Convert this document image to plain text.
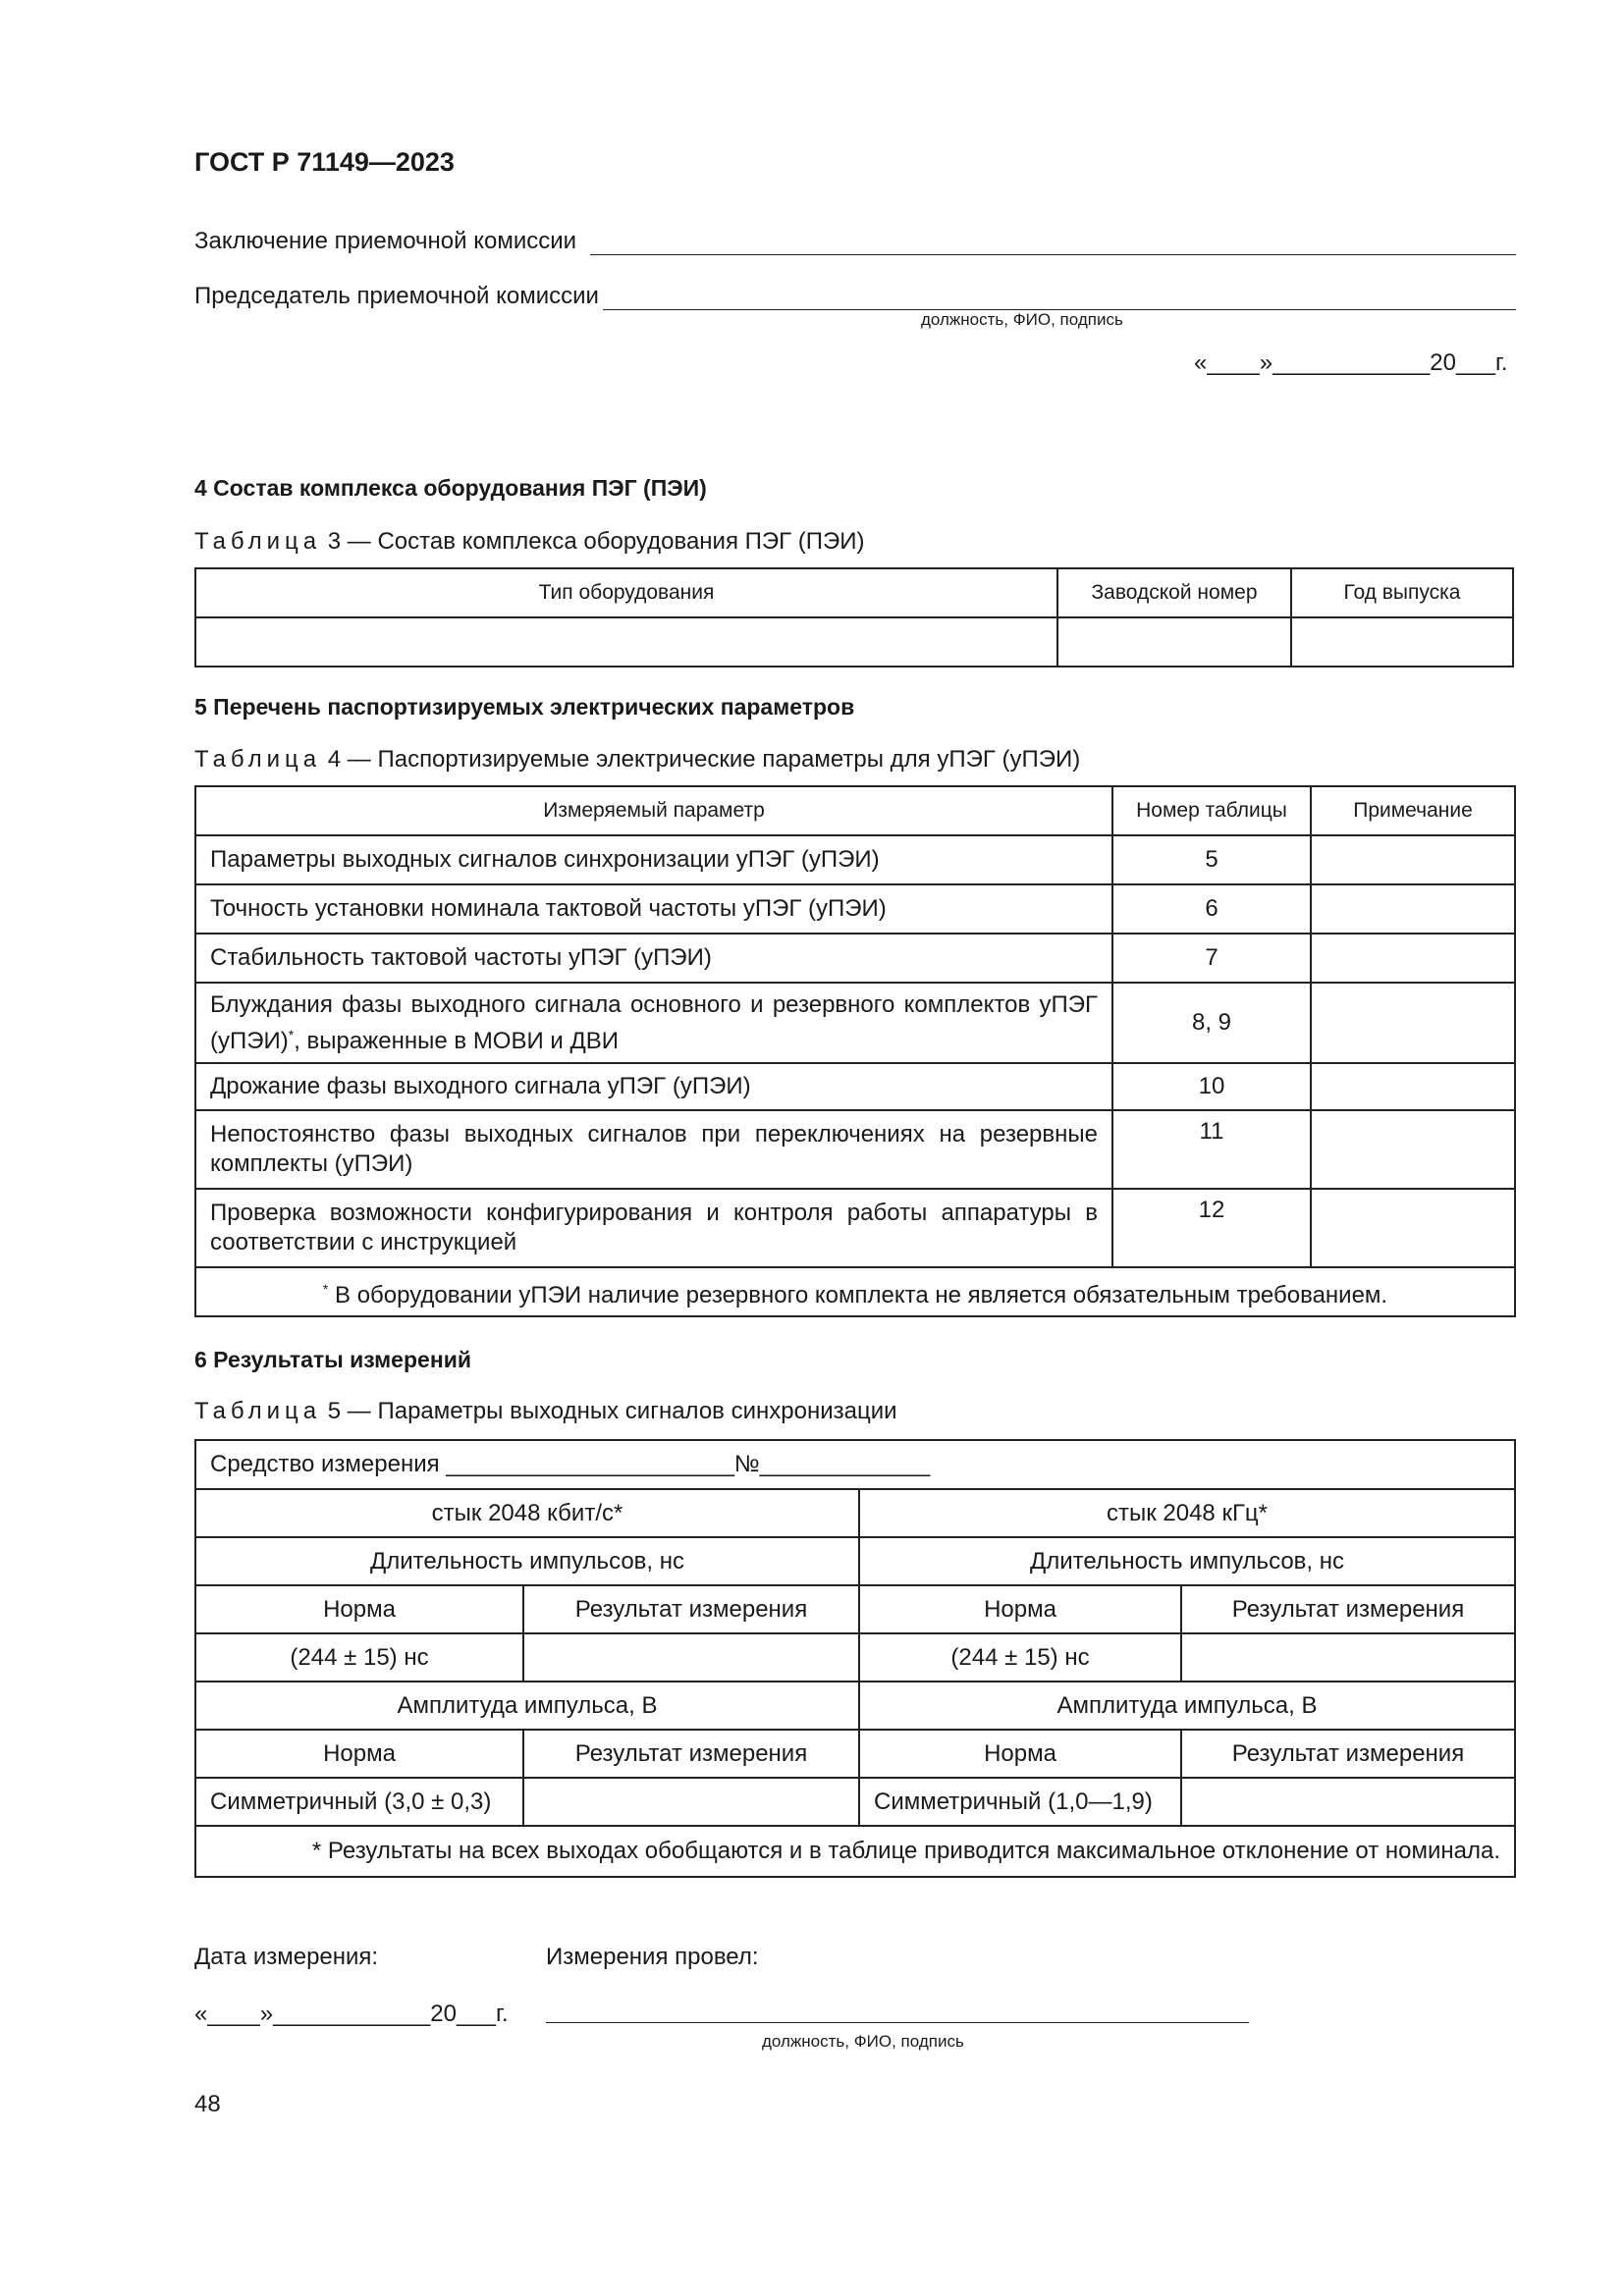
ГОСТ Р 71149—2023
Заключение приемочной комиссии
Председатель приемочной комиссии
должность, ФИО, подпись
«____»____________20___г.
4 Состав комплекса оборудования ПЭГ (ПЭИ)
Таблица 3 — Состав комплекса оборудования ПЭГ (ПЭИ)
Тип оборудования	Заводской номер	Год выпуска

5 Перечень паспортизируемых электрических параметров
Таблица 4 — Паспортизируемые электрические параметры для уПЭГ (уПЭИ)
Измеряемый параметр	Номер таблицы	Примечание
Параметры выходных сигналов синхронизации уПЭГ (уПЭИ)	5	
Точность установки номинала тактовой частоты уПЭГ (уПЭИ)	6	
Стабильность тактовой частоты уПЭГ (уПЭИ)	7	
Блуждания фазы выходного сигнала основного и резервного комплектов уПЭГ (уПЭИ)*, выраженные в МОВИ и ДВИ	8, 9	
Дрожание фазы выходного сигнала уПЭГ (уПЭИ)	10	
Непостоянство фазы выходных сигналов при переключениях на резервные комплекты (уПЭИ)	11	
Проверка возможности конфигурирования и контроля работы аппаратуры в соответствии с инструкцией	12	
* В оборудовании уПЭИ наличие резервного комплекта не является обязательным требованием.		
6 Результаты измерений
Таблица 5 — Параметры выходных сигналов синхронизации
Средство измерения ______________________№_____________			
стык 2048 кбит/с*		стык 2048 кГц*	
Длительность импульсов, нс		Длительность импульсов, нс	
Норма	Результат измерения	Норма	Результат измерения
(244 ± 15) нс		(244 ± 15) нс	
Амплитуда импульса, В		Амплитуда импульса, В	
Норма	Результат измерения	Норма	Результат измерения
Симметричный (3,0 ± 0,3)		Симметричный (1,0—1,9)	
* Результаты на всех выходах обобщаются и в таблице приводится максимальное отклонение от номинала.			
Дата измерения:	Измерения провел:
«____»____________20___г.
должность, ФИО, подпись
48
